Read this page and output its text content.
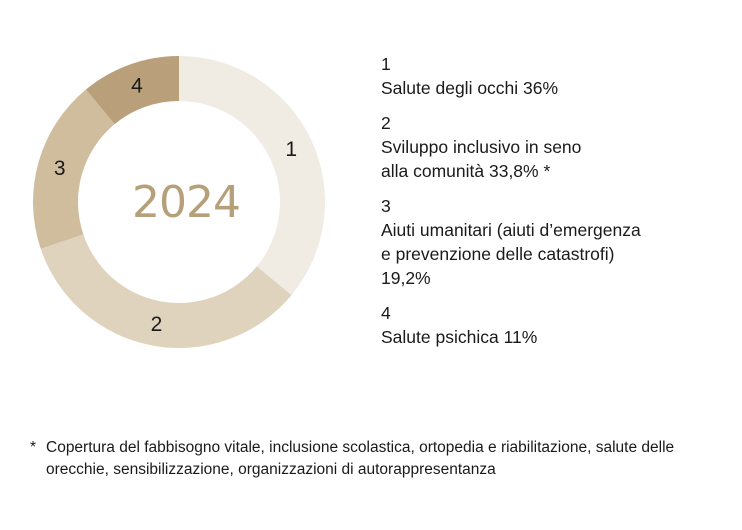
1
2
3
4
2024
1
Salute degli occhi 36%
2
Sviluppo inclusivo in seno
alla comunità 33,8% *
3
Aiuti umanitari (aiuti d’emergenza
e prevenzione delle catastrofi)
19,2%
4
Salute psichica 11%
* Copertura del fabbisogno vitale, inclusione scolastica, ortopedia e riabilitazione, salute delle orecchie, sensibilizzazione, organizzazioni di autorappresentanza
